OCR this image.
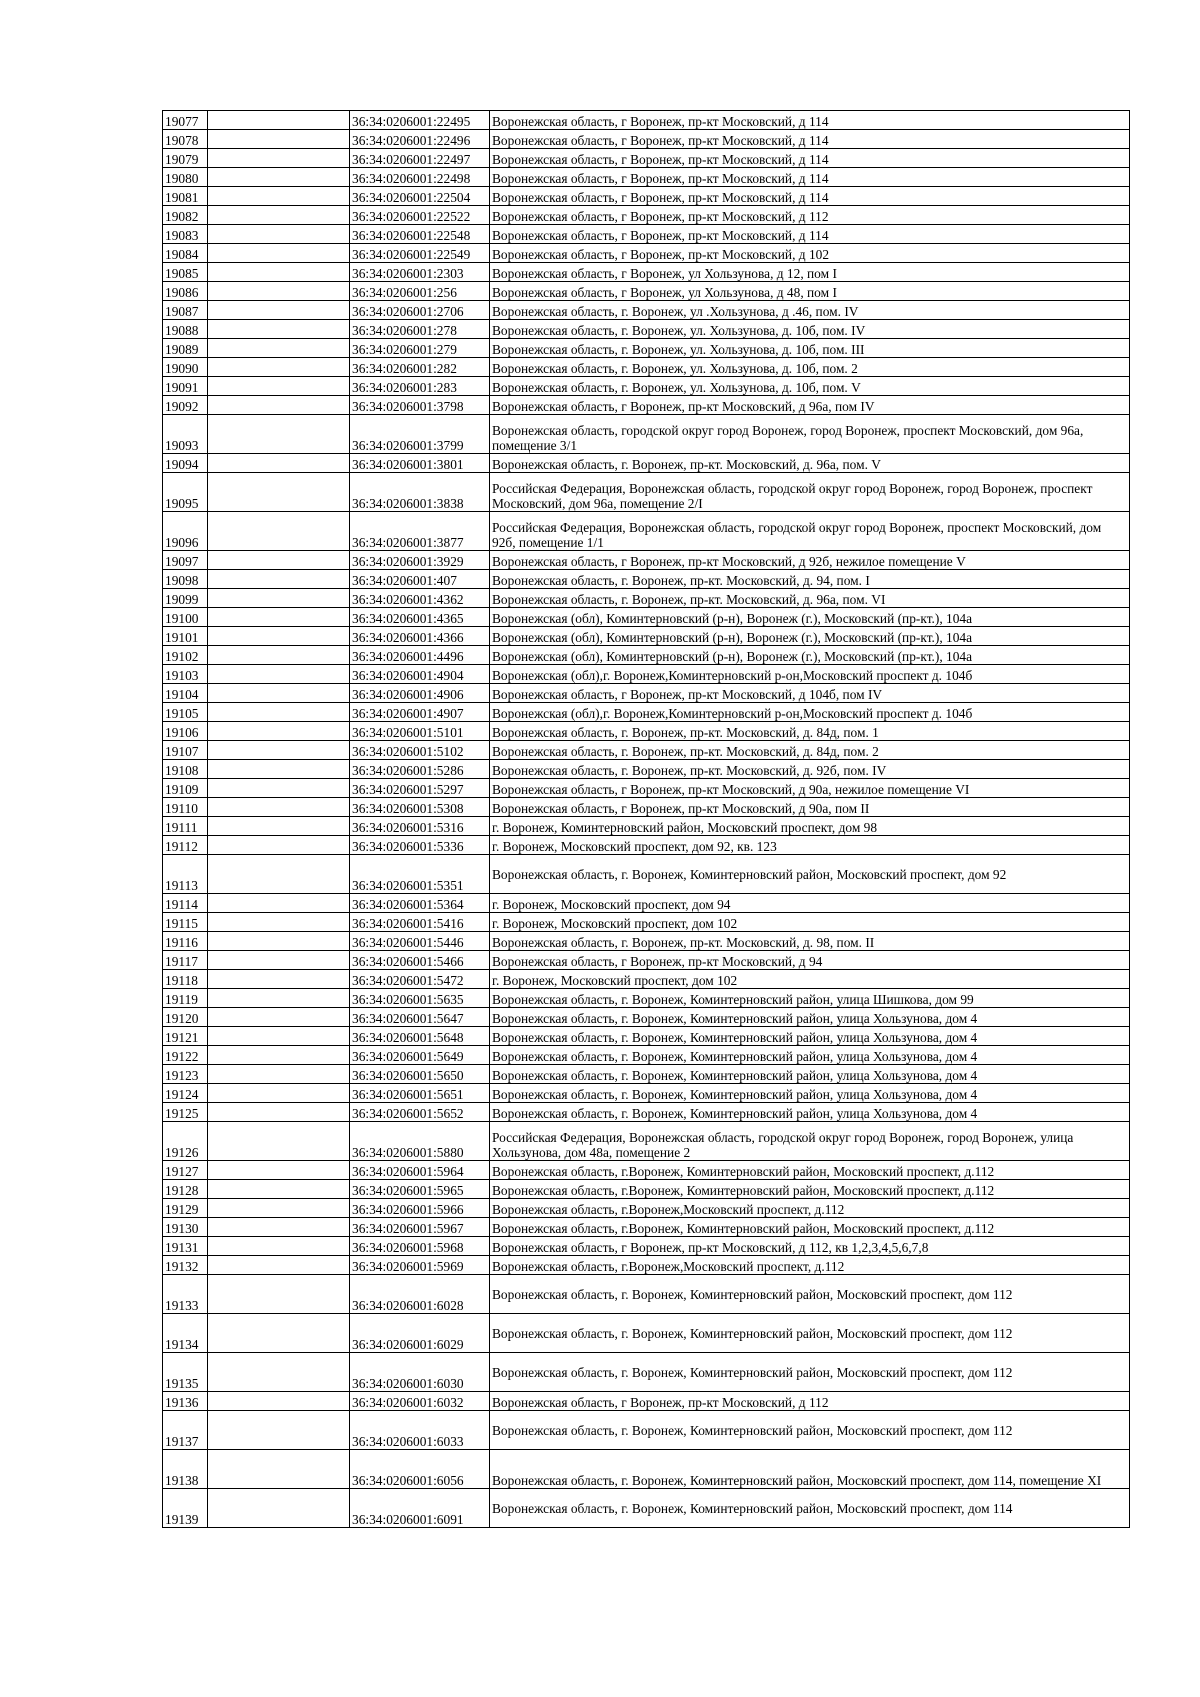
19077		36:34:0206001:22495	Воронежская область, г Воронеж, пр-кт Московский, д 114
19078		36:34:0206001:22496	Воронежская область, г Воронеж, пр-кт Московский, д 114
19079		36:34:0206001:22497	Воронежская область, г Воронеж, пр-кт Московский, д 114
19080		36:34:0206001:22498	Воронежская область, г Воронеж, пр-кт Московский, д 114
19081		36:34:0206001:22504	Воронежская область, г Воронеж, пр-кт Московский, д 114
19082		36:34:0206001:22522	Воронежская область, г Воронеж, пр-кт Московский, д 112
19083		36:34:0206001:22548	Воронежская область, г Воронеж, пр-кт Московский, д 114
19084		36:34:0206001:22549	Воронежская область, г Воронеж, пр-кт Московский, д 102
19085		36:34:0206001:2303	Воронежская область, г Воронеж, ул Хользунова, д 12, пом I
19086		36:34:0206001:256	Воронежская область, г Воронеж, ул Хользунова, д 48, пом I
19087		36:34:0206001:2706	Воронежская область, г. Воронеж, ул .Хользунова, д .46, пом. IV
19088		36:34:0206001:278	Воронежская область, г. Воронеж, ул. Хользунова, д. 10б, пом. IV
19089		36:34:0206001:279	Воронежская область, г. Воронеж, ул. Хользунова, д. 10б, пом. III
19090		36:34:0206001:282	Воронежская область, г. Воронеж, ул. Хользунова, д. 10б, пом. 2
19091		36:34:0206001:283	Воронежская область, г. Воронеж, ул. Хользунова, д. 10б, пом. V
19092		36:34:0206001:3798	Воронежская область, г Воронеж, пр-кт Московский, д 96а, пом IV
19093		36:34:0206001:3799	Воронежская область, городской округ город Воронеж, город Воронеж, проспект Московский, дом 96а, помещение 3/1
19094		36:34:0206001:3801	Воронежская область, г. Воронеж, пр-кт. Московский, д. 96а, пом. V
19095		36:34:0206001:3838	Российская Федерация, Воронежская область, городской округ город Воронеж, город Воронеж, проспект Московский, дом 96а, помещение 2/I
19096		36:34:0206001:3877	Российская Федерация, Воронежская область, городской округ город Воронеж, проспект Московский, дом 92б, помещение 1/1
19097		36:34:0206001:3929	Воронежская область, г Воронеж, пр-кт Московский, д 92б, нежилое помещение V
19098		36:34:0206001:407	Воронежская область, г. Воронеж, пр-кт. Московский, д. 94, пом. I
19099		36:34:0206001:4362	Воронежская область, г. Воронеж, пр-кт. Московский, д. 96а, пом. VI
19100		36:34:0206001:4365	Воронежская (обл), Коминтерновский (р-н), Воронеж (г.), Московский (пр-кт.), 104а
19101		36:34:0206001:4366	Воронежская (обл), Коминтерновский (р-н), Воронеж (г.), Московский (пр-кт.), 104а
19102		36:34:0206001:4496	Воронежская (обл), Коминтерновский (р-н), Воронеж (г.), Московский (пр-кт.), 104а
19103		36:34:0206001:4904	Воронежская (обл),г. Воронеж,Коминтерновский р-он,Московский проспект д. 104б
19104		36:34:0206001:4906	Воронежская область, г Воронеж, пр-кт Московский, д 104б, пом IV
19105		36:34:0206001:4907	Воронежская (обл),г. Воронеж,Коминтерновский р-он,Московский проспект д. 104б
19106		36:34:0206001:5101	Воронежская область, г. Воронеж, пр-кт. Московский, д. 84д, пом. 1
19107		36:34:0206001:5102	Воронежская область, г. Воронеж, пр-кт. Московский, д. 84д, пом. 2
19108		36:34:0206001:5286	Воронежская область, г. Воронеж, пр-кт. Московский, д. 92б, пом. IV
19109		36:34:0206001:5297	Воронежская область, г Воронеж, пр-кт Московский, д 90а, нежилое помещение VI
19110		36:34:0206001:5308	Воронежская область, г Воронеж, пр-кт Московский, д 90а, пом II
19111		36:34:0206001:5316	г. Воронеж, Коминтерновский район, Московский проспект, дом 98
19112		36:34:0206001:5336	г. Воронеж, Московский проспект, дом 92, кв. 123
19113		36:34:0206001:5351	Воронежская область, г. Воронеж, Коминтерновский район, Московский проспект, дом 92
19114		36:34:0206001:5364	г. Воронеж, Московский проспект, дом 94
19115		36:34:0206001:5416	г. Воронеж, Московский проспект, дом 102
19116		36:34:0206001:5446	Воронежская область, г. Воронеж, пр-кт. Московский, д. 98, пом. II
19117		36:34:0206001:5466	Воронежская область, г Воронеж, пр-кт Московский, д 94
19118		36:34:0206001:5472	г. Воронеж, Московский проспект, дом 102
19119		36:34:0206001:5635	Воронежская область, г. Воронеж, Коминтерновский район, улица Шишкова, дом 99
19120		36:34:0206001:5647	Воронежская область, г. Воронеж, Коминтерновский район, улица Хользунова, дом 4
19121		36:34:0206001:5648	Воронежская область, г. Воронеж, Коминтерновский район, улица Хользунова, дом 4
19122		36:34:0206001:5649	Воронежская область, г. Воронеж, Коминтерновский район, улица Хользунова, дом 4
19123		36:34:0206001:5650	Воронежская область, г. Воронеж, Коминтерновский район, улица Хользунова, дом 4
19124		36:34:0206001:5651	Воронежская область, г. Воронеж, Коминтерновский район, улица Хользунова, дом 4
19125		36:34:0206001:5652	Воронежская область, г. Воронеж, Коминтерновский район, улица Хользунова, дом 4
19126		36:34:0206001:5880	Российская Федерация, Воронежская область, городской округ город Воронеж, город Воронеж, улица Хользунова, дом 48а, помещение 2
19127		36:34:0206001:5964	Воронежская область, г.Воронеж, Коминтерновский район, Московский проспект, д.112
19128		36:34:0206001:5965	Воронежская область, г.Воронеж, Коминтерновский район, Московский проспект, д.112
19129		36:34:0206001:5966	Воронежская область, г.Воронеж,Московский проспект, д.112
19130		36:34:0206001:5967	Воронежская область, г.Воронеж, Коминтерновский район, Московский проспект, д.112
19131		36:34:0206001:5968	Воронежская область, г Воронеж, пр-кт Московский, д 112, кв 1,2,3,4,5,6,7,8
19132		36:34:0206001:5969	Воронежская область, г.Воронеж,Московский проспект, д.112
19133		36:34:0206001:6028	Воронежская область, г. Воронеж, Коминтерновский район, Московский проспект, дом 112
19134		36:34:0206001:6029	Воронежская область, г. Воронеж, Коминтерновский район, Московский проспект, дом 112
19135		36:34:0206001:6030	Воронежская область, г. Воронеж, Коминтерновский район, Московский проспект, дом 112
19136		36:34:0206001:6032	Воронежская область, г Воронеж, пр-кт Московский, д 112
19137		36:34:0206001:6033	Воронежская область, г. Воронеж, Коминтерновский район, Московский проспект, дом 112
19138		36:34:0206001:6056	Воронежская область, г. Воронеж, Коминтерновский район, Московский проспект, дом 114, помещение XI
19139		36:34:0206001:6091	Воронежская область, г. Воронеж, Коминтерновский район, Московский проспект, дом 114
